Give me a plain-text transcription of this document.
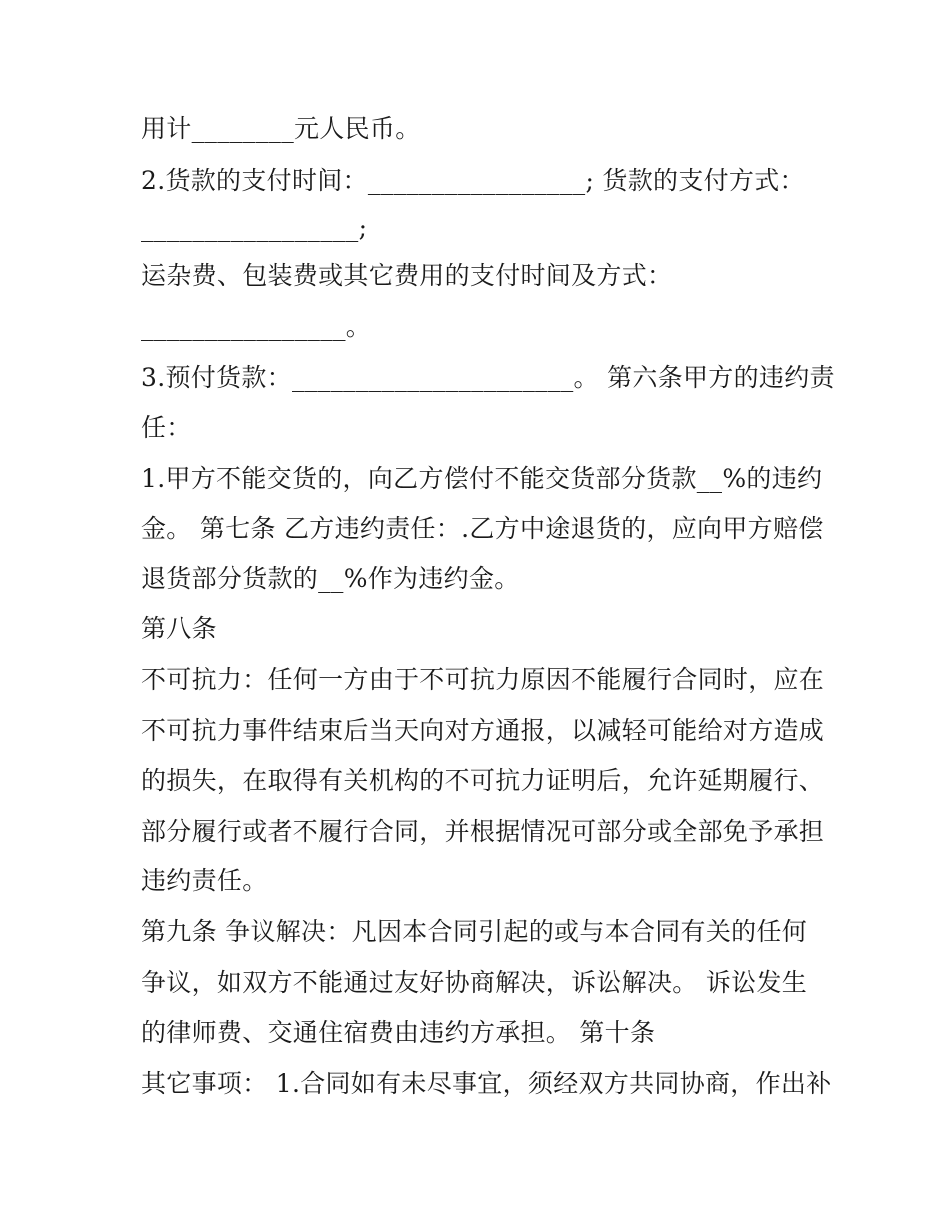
用计________元人民币。
2.货款的支付时间：_________________; 货款的支付方式：
_________________;
运杂费、包装费或其它费用的支付时间及方式：
________________。
3.预付货款：______________________。 第六条甲方的违约责
任：
1.甲方不能交货的，向乙方偿付不能交货部分货款__%的违约
金。 第七条 乙方违约责任：.乙方中途退货的，应向甲方赔偿
退货部分货款的__%作为违约金。
第八条
不可抗力：任何一方由于不可抗力原因不能履行合同时，应在
不可抗力事件结束后当天向对方通报，以减轻可能给对方造成
的损失，在取得有关机构的不可抗力证明后，允许延期履行、
部分履行或者不履行合同，并根据情况可部分或全部免予承担
违约责任。
第九条 争议解决：凡因本合同引起的或与本合同有关的任何
争议，如双方不能通过友好协商解决，诉讼解决。 诉讼发生
的律师费、交通住宿费由违约方承担。 第十条
其它事项： 1.合同如有未尽事宜，须经双方共同协商，作出补
